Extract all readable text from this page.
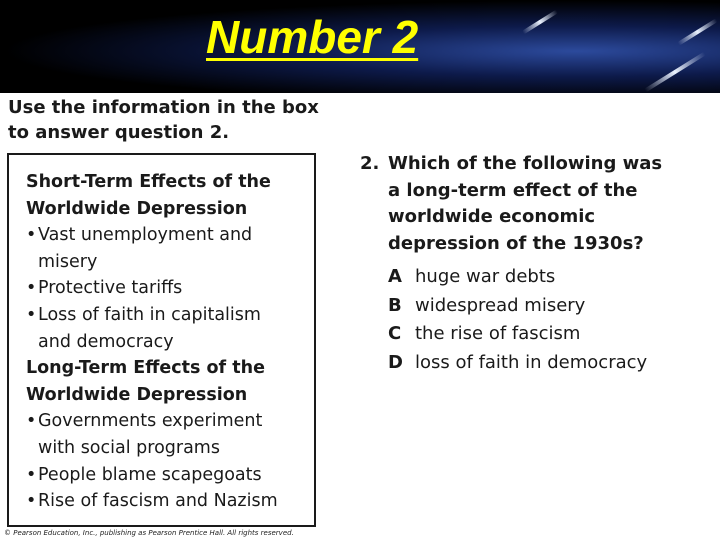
Number 2
Use the information in the box
to answer question 2.
Short-Term Effects of the
Worldwide Depression
• Vast unemployment and
misery
• Protective tariffs
• Loss of faith in capitalism
and democracy
Long-Term Effects of the
Worldwide Depression
• Governments experiment
with social programs
• People blame scapegoats
• Rise of fascism and Nazism
2. Which of the following was
a long-term effect of the
worldwide economic
depression of the 1930s?
A huge war debts
B widespread misery
C the rise of fascism
D loss of faith in democracy
© Pearson Education, Inc., publishing as Pearson Prentice Hall. All rights reserved.
